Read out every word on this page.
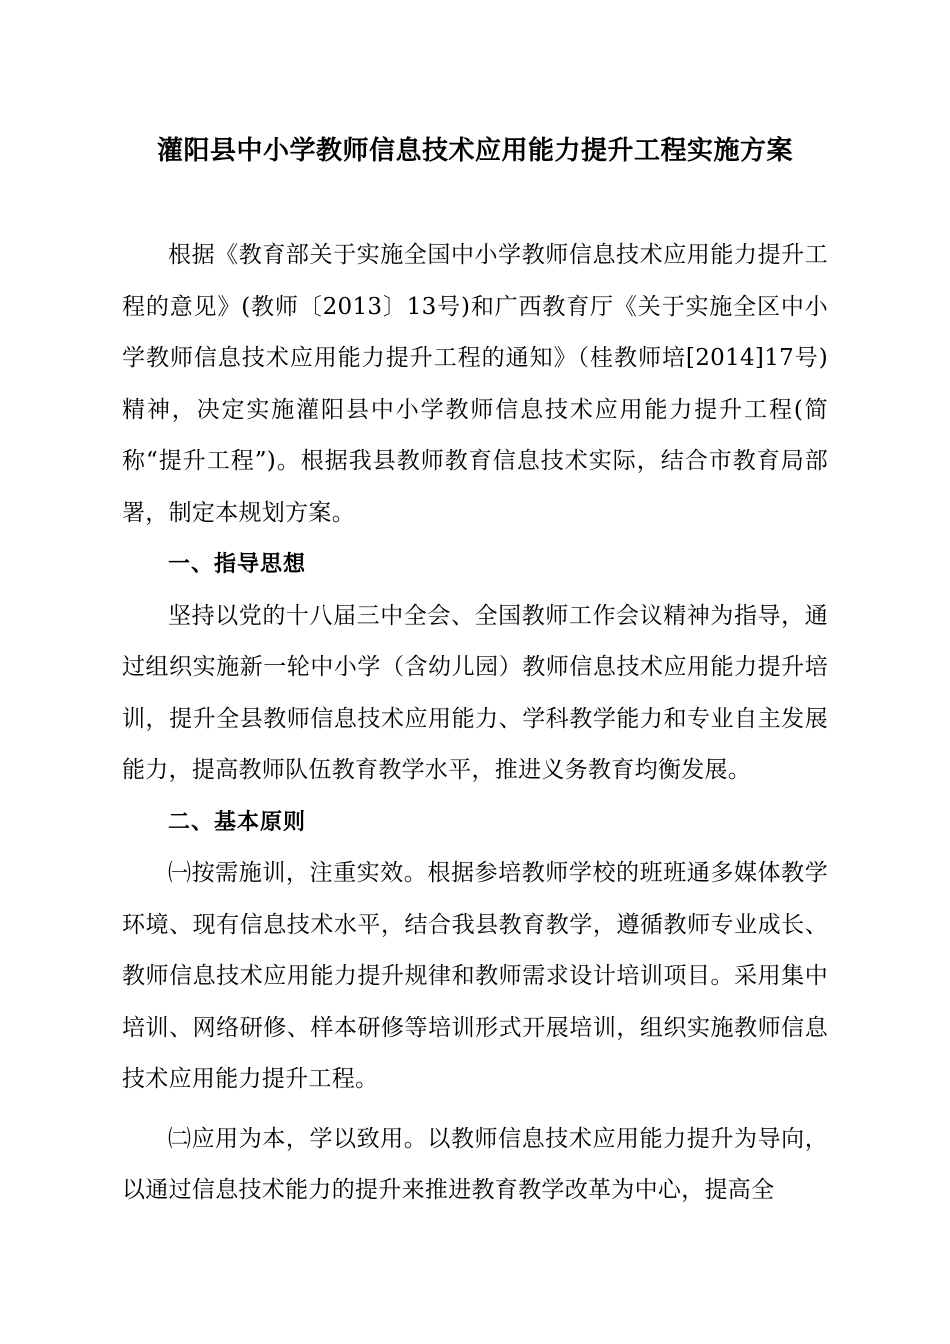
灌阳县中小学教师信息技术应用能力提升工程实施方案

根据《教育部关于实施全国中小学教师信息技术应用能力提升工程的意见》(教师〔2013〕13号)和广西教育厅《关于实施全区中小学教师信息技术应用能力提升工程的通知》（桂教师培[2014]17号)精神，决定实施灌阳县中小学教师信息技术应用能力提升工程(简称“提升工程”)。根据我县教师教育信息技术实际，结合市教育局部署，制定本规划方案。

一、指导思想

坚持以党的十八届三中全会、全国教师工作会议精神为指导，通过组织实施新一轮中小学（含幼儿园）教师信息技术应用能力提升培训，提升全县教师信息技术应用能力、学科教学能力和专业自主发展能力，提高教师队伍教育教学水平，推进义务教育均衡发展。

二、基本原则

㈠按需施训，注重实效。根据参培教师学校的班班通多媒体教学环境、现有信息技术水平，结合我县教育教学，遵循教师专业成长、教师信息技术应用能力提升规律和教师需求设计培训项目。采用集中培训、网络研修、样本研修等培训形式开展培训，组织实施教师信息技术应用能力提升工程。

㈡应用为本，学以致用。以教师信息技术应用能力提升为导向，以通过信息技术能力的提升来推进教育教学改革为中心，提高全
